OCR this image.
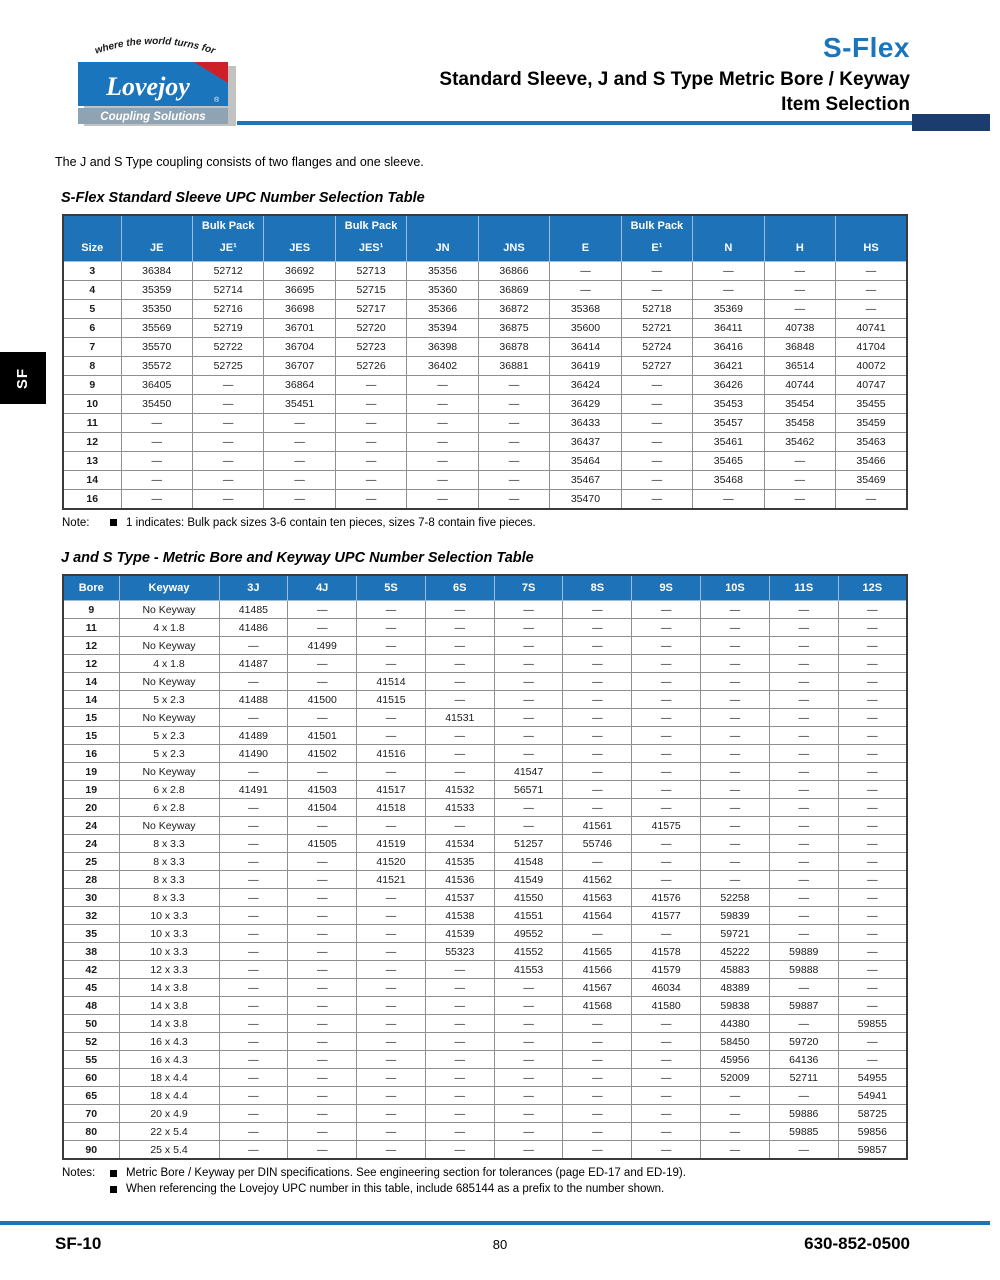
where the world turns for
Lovejoy	®
Coupling Solutions
S-Flex
Standard Sleeve, J and S Type Metric Bore / Keyway
Item Selection
SF

The J and S Type coupling consists of two flanges and one sleeve.

S-Flex Standard Sleeve UPC Number Selection Table
		Bulk Pack		Bulk Pack				Bulk Pack			
Size	JE	JE¹	JES	JES¹	JN	JNS	E	E¹	N	H	HS
3	36384	52712	36692	52713	35356	36866	—	—	—	—	—
4	35359	52714	36695	52715	35360	36869	—	—	—	—	—
5	35350	52716	36698	52717	35366	36872	35368	52718	35369	—	—
6	35569	52719	36701	52720	35394	36875	35600	52721	36411	40738	40741
7	35570	52722	36704	52723	36398	36878	36414	52724	36416	36848	41704
8	35572	52725	36707	52726	36402	36881	36419	52727	36421	36514	40072
9	36405	—	36864	—	—	—	36424	—	36426	40744	40747
10	35450	—	35451	—	—	—	36429	—	35453	35454	35455
11	—	—	—	—	—	—	36433	—	35457	35458	35459
12	—	—	—	—	—	—	36437	—	35461	35462	35463
13	—	—	—	—	—	—	35464	—	35465	—	35466
14	—	—	—	—	—	—	35467	—	35468	—	35469
16	—	—	—	—	—	—	35470	—	—	—	—
Note:	1 indicates: Bulk pack sizes 3-6 contain ten pieces, sizes 7-8 contain five pieces.
J and S Type - Metric Bore and Keyway UPC Number Selection Table
Bore	Keyway	3J	4J	5S	6S	7S	8S	9S	10S	11S	12S
9	No Keyway	41485	—	—	—	—	—	—	—	—	—
11	4 x 1.8	41486	—	—	—	—	—	—	—	—	—
12	No Keyway	—	41499	—	—	—	—	—	—	—	—
12	4 x 1.8	41487	—	—	—	—	—	—	—	—	—
14	No Keyway	—	—	41514	—	—	—	—	—	—	—
14	5 x 2.3	41488	41500	41515	—	—	—	—	—	—	—
15	No Keyway	—	—	—	41531	—	—	—	—	—	—
15	5 x 2.3	41489	41501	—	—	—	—	—	—	—	—
16	5 x 2.3	41490	41502	41516	—	—	—	—	—	—	—
19	No Keyway	—	—	—	—	41547	—	—	—	—	—
19	6 x 2.8	41491	41503	41517	41532	56571	—	—	—	—	—
20	6 x 2.8	—	41504	41518	41533	—	—	—	—	—	—
24	No Keyway	—	—	—	—	—	41561	41575	—	—	—
24	8 x 3.3	—	41505	41519	41534	51257	55746	—	—	—	—
25	8 x 3.3	—	—	41520	41535	41548	—	—	—	—	—
28	8 x 3.3	—	—	41521	41536	41549	41562	—	—	—	—
30	8 x 3.3	—	—	—	41537	41550	41563	41576	52258	—	—
32	10 x 3.3	—	—	—	41538	41551	41564	41577	59839	—	—
35	10 x 3.3	—	—	—	41539	49552	—	—	59721	—	—
38	10 x 3.3	—	—	—	55323	41552	41565	41578	45222	59889	—
42	12 x 3.3	—	—	—	—	41553	41566	41579	45883	59888	—
45	14 x 3.8	—	—	—	—	—	41567	46034	48389	—	—
48	14 x 3.8	—	—	—	—	—	41568	41580	59838	59887	—
50	14 x 3.8	—	—	—	—	—	—	—	44380	—	59855
52	16 x 4.3	—	—	—	—	—	—	—	58450	59720	—
55	16 x 4.3	—	—	—	—	—	—	—	45956	64136	—
60	18 x 4.4	—	—	—	—	—	—	—	52009	52711	54955
65	18 x 4.4	—	—	—	—	—	—	—	—	—	54941
70	20 x 4.9	—	—	—	—	—	—	—	—	59886	58725
80	22 x 5.4	—	—	—	—	—	—	—	—	59885	59856
90	25 x 5.4	—	—	—	—	—	—	—	—	—	59857
Notes:	Metric Bore / Keyway per DIN specifications. See engineering section for tolerances (page ED-17 and ED-19).
When referencing the Lovejoy UPC number in this table, include 685144 as a prefix to the number shown.
SF-10	80	630-852-0500
